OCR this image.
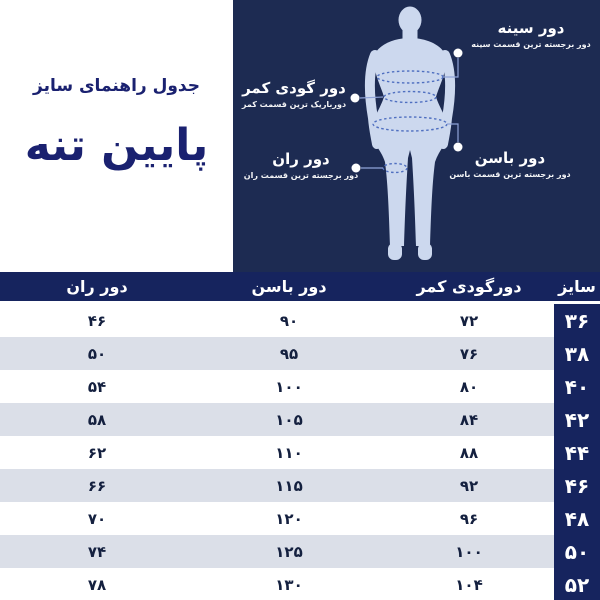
جدول راهنمای سایز
پایین تنه
دور سینه
دور برجسته ترین قسمت سینه
دور گودی کمر
دورباریک ترین قسمت کمر
دور باسن
دور برجسته ترین قسمت باسن
دور ران
دور برجسته ترین قسمت ران
سایز
دورگودی کمر
دور باسن
دور ران
۳۶
۷۲
۹۰
۴۶
۳۸
۷۶
۹۵
۵۰
۴۰
۸۰
۱۰۰
۵۴
۴۲
۸۴
۱۰۵
۵۸
۴۴
۸۸
۱۱۰
۶۲
۴۶
۹۲
۱۱۵
۶۶
۴۸
۹۶
۱۲۰
۷۰
۵۰
۱۰۰
۱۲۵
۷۴
۵۲
۱۰۴
۱۳۰
۷۸
